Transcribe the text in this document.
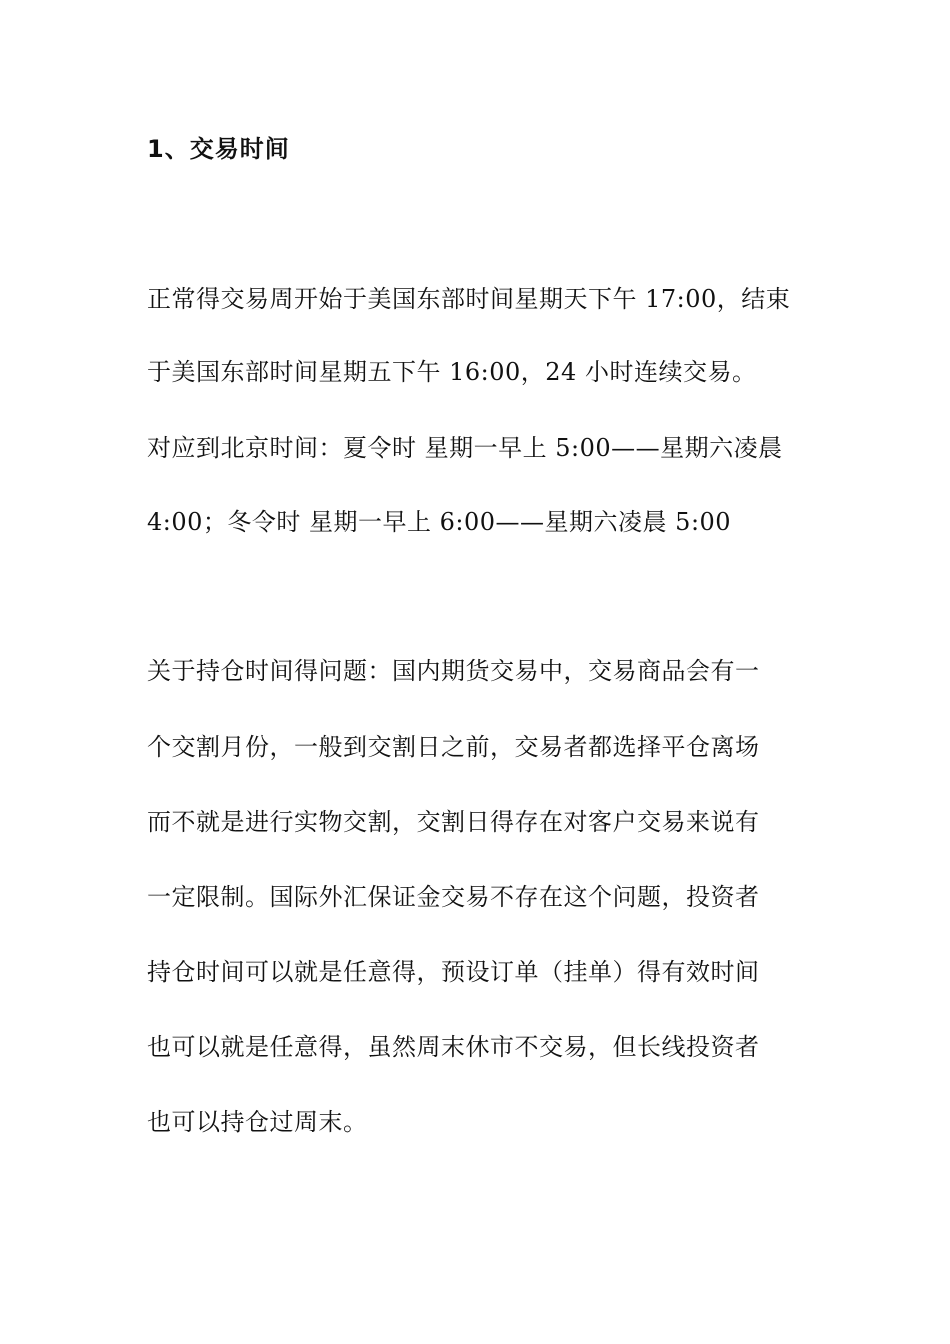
1、交易时间
正常得交易周开始于美国东部时间星期天下午 17:00，结束
于美国东部时间星期五下午 16:00，24 小时连续交易。
对应到北京时间：夏令时 星期一早上 5:00——星期六凌晨
4:00；冬令时 星期一早上 6:00——星期六凌晨 5:00
关于持仓时间得问题：国内期货交易中，交易商品会有一
个交割月份，一般到交割日之前，交易者都选择平仓离场
而不就是进行实物交割，交割日得存在对客户交易来说有
一定限制。国际外汇保证金交易不存在这个问题，投资者
持仓时间可以就是任意得，预设订单（挂单）得有效时间
也可以就是任意得，虽然周末休市不交易，但长线投资者
也可以持仓过周末。
